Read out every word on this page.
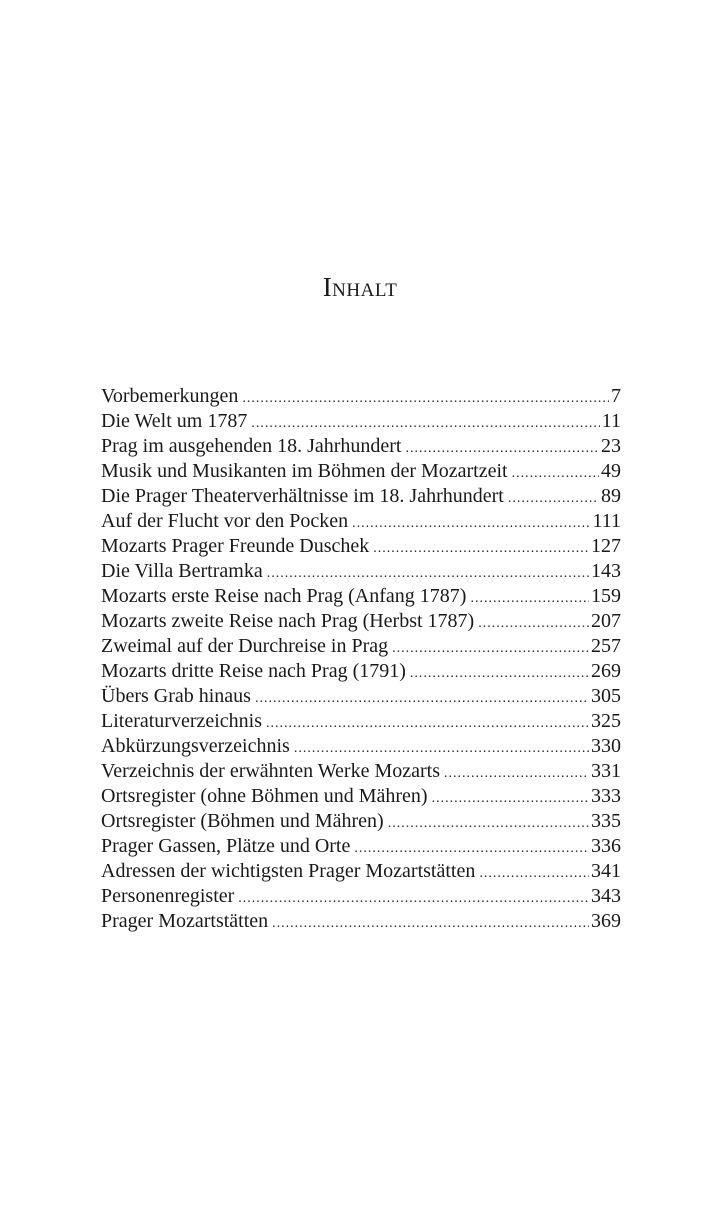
Inhalt
Vorbemerkungen .....	7
Die Welt um 1787 .....	11
Prag im ausgehenden 18. Jahrhundert .....	23
Musik und Musikanten im Böhmen der Mozartzeit .....	49
Die Prager Theaterverhältnisse im 18. Jahrhundert .....	89
Auf der Flucht vor den Pocken .....	111
Mozarts Prager Freunde Duschek .....	127
Die Villa Bertramka .....	143
Mozarts erste Reise nach Prag (Anfang 1787) .....	159
Mozarts zweite Reise nach Prag (Herbst 1787) .....	207
Zweimal auf der Durchreise in Prag .....	257
Mozarts dritte Reise nach Prag (1791) .....	269
Übers Grab hinaus .....	305
Literaturverzeichnis .....	325
Abkürzungsverzeichnis .....	330
Verzeichnis der erwähnten Werke Mozarts .....	331
Ortsregister (ohne Böhmen und Mähren) .....	333
Ortsregister (Böhmen und Mähren) .....	335
Prager Gassen, Plätze und Orte .....	336
Adressen der wichtigsten Prager Mozartstätten .....	341
Personenregister .....	343
Prager Mozartstätten .....	369
